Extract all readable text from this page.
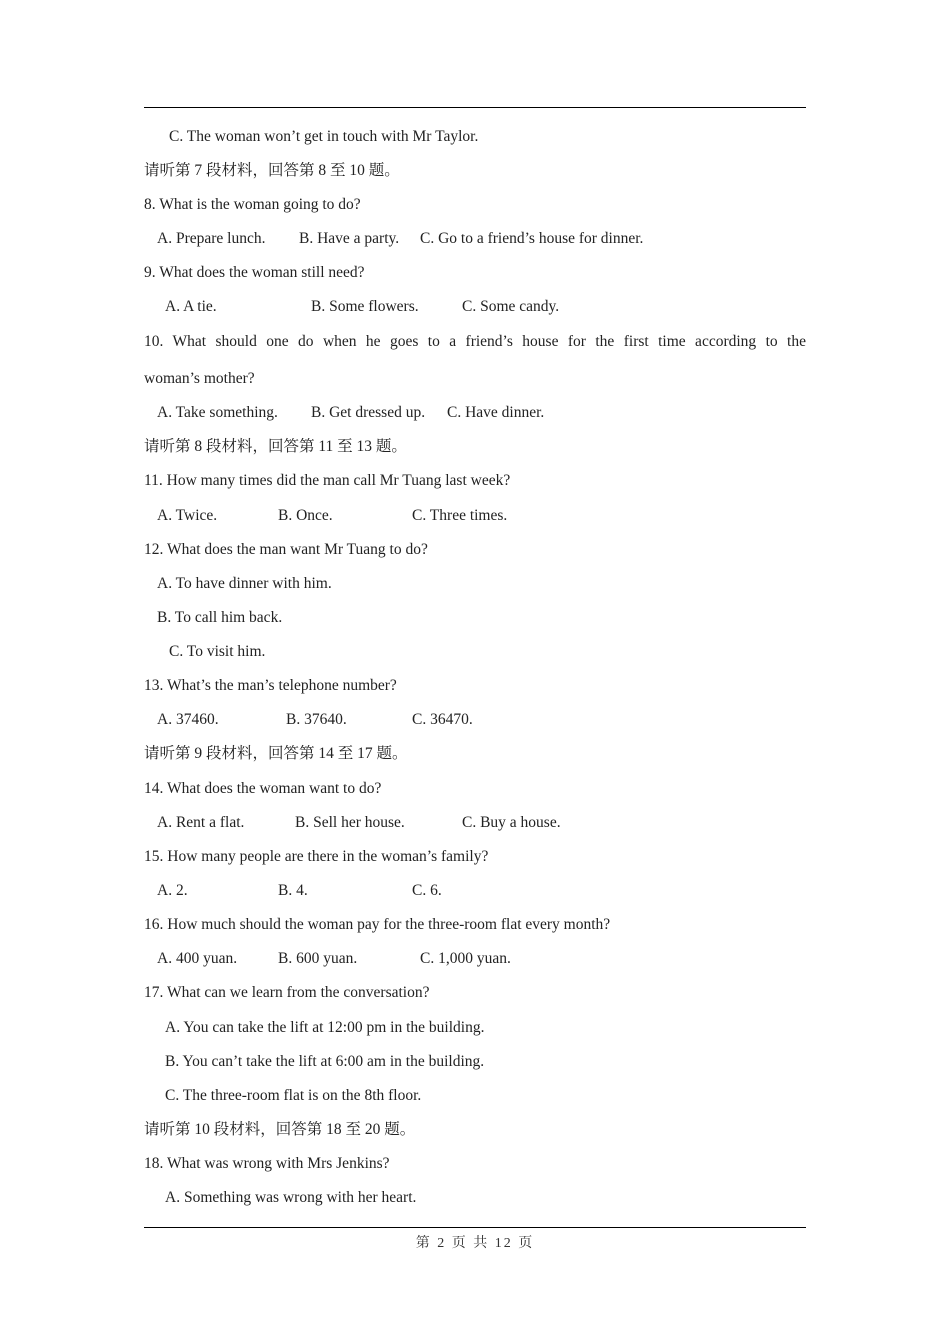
C. The woman won’t get in touch with Mr Taylor.
请听第 7 段材料，回答第 8 至 10 题。
8. What is the woman going to do?
A. Prepare lunch. B. Have a party. C. Go to a friend’s house for dinner.
9. What does the woman still need?
A. A tie.	B. Some flowers.	C. Some candy.
10. What should one do when he goes to a friend’s house for the first time according to the
woman’s mother?
A. Take something. B. Get dressed up. C. Have dinner.
请听第 8 段材料，回答第 11 至 13 题。
11. How many times did the man call Mr Tuang last week?
A. Twice.	B. Once.	C. Three times.
12. What does the man want Mr Tuang to do?
A. To have dinner with him.
B. To call him back.
C. To visit him.
13. What’s the man’s telephone number?
A. 37460.	B. 37640.	C. 36470.
请听第 9 段材料，回答第 14 至 17 题。
14. What does the woman want to do?
A. Rent a flat.	B. Sell her house.	C. Buy a house.
15. How many people are there in the woman’s family?
A. 2.	B. 4.	C. 6.
16. How much should the woman pay for the three-room flat every month?
A. 400 yuan.	B. 600 yuan.	C. 1,000 yuan.
17. What can we learn from the conversation?
A. You can take the lift at 12:00 pm in the building.
B. You can’t take the lift at 6:00 am in the building.
C. The three-room flat is on the 8th floor.
请听第 10 段材料，回答第 18 至 20 题。
18. What was wrong with Mrs Jenkins?
A. Something was wrong with her heart.
第 2 页 共 12 页
